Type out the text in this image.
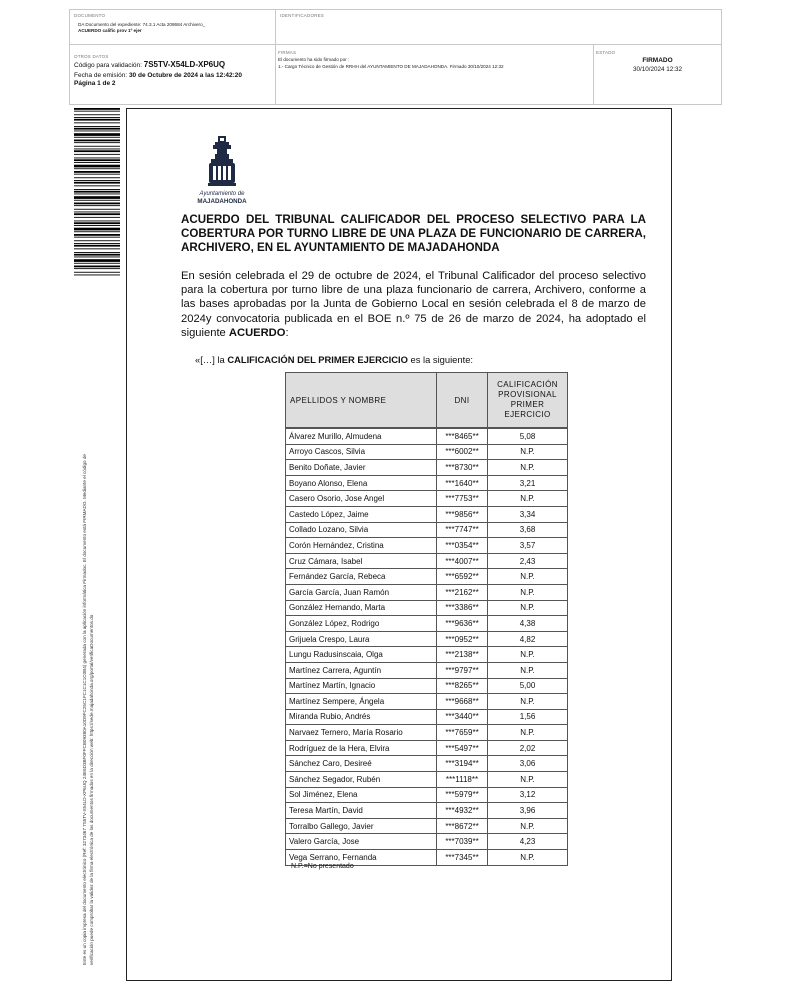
DOCUMENTO
DA Documento del expediente: 74.3.1 Acta 208684 Archivero_
ACUERDO calific prov 1º ejer
IDENTIFICADORES
OTROS DATOS
Código para validación: 7S5TV-X54LD-XP6UQ
Fecha de emisión: 30 de Octubre de 2024 a las 12:42:20
Página 1 de 2
FIRMAS
El documento ha sido firmado por :
1.- Cargo Técnico de Gestión de RRHH del AYUNTAMIENTO DE MAJADAHONDA. Firmado 30/10/2024 12:32
ESTADO
FIRMADO
30/10/2024 12:32
Este es un copia impresa del documento electrónico (Ref: 3273467 7S5TV-X54LD-XP6UQ 24E6D3BF0FFCB09380A10D9FC25C1FC1C1C1C0B4) generada con la aplicación informática Firmadoc. El documento está FIRMADO. Mediante el código de verificación puede comprobar la validez de la firma electrónica de los documentos firmados en la dirección web: https://sede.majadahonda.org/portal/verificaDocumentos.do
Ayuntamiento de
MAJADAHONDA
ACUERDO DEL TRIBUNAL CALIFICADOR DEL PROCESO SELECTIVO PARA LA COBERTURA POR TURNO LIBRE DE UNA PLAZA DE FUNCIONARIO DE CARRERA, ARCHIVERO, EN EL AYUNTAMIENTO DE MAJADAHONDA
En sesión celebrada el 29 de octubre de 2024, el Tribunal Calificador del proceso selectivo para la cobertura por turno libre de una plaza funcionario de carrera, Archivero, conforme a las bases aprobadas por la Junta de Gobierno Local en sesión celebrada el 8 de marzo de 2024y convocatoria publicada en el BOE n.º 75 de 26 de marzo de 2024, ha adoptado el siguiente ACUERDO:
«[…] la CALIFICACIÓN DEL PRIMER EJERCICIO es la siguiente:
APELLIDOS Y NOMBRE	DNI	CALIFICACIÓN PROVISIONAL PRIMER EJERCICIO

Álvarez Murillo, Almudena	***8465**	5,08
Arroyo Cascos, Silvia	***6002**	N.P.
Benito Doñate, Javier	***8730**	N.P.
Boyano Alonso, Elena	***1640**	3,21
Casero Osorio, Jose Angel	***7753**	N.P.
Castedo López, Jaime	***9856**	3,34
Collado Lozano, Silvia	***7747**	3,68
Corón Hernández, Cristina	***0354**	3,57
Cruz Cámara, Isabel	***4007**	2,43
Fernández García, Rebeca	***6592**	N.P.
García García, Juan Ramón	***2162**	N.P.
González Hernando, Marta	***3386**	N.P.
González López, Rodrigo	***9636**	4,38
Grijuela Crespo, Laura	***0952**	4,82
Lungu Radusinscaia, Olga	***2138**	N.P.
Martínez Carrera, Aguntín	***9797**	N.P.
Martínez Martín, Ignacio	***8265**	5,00
Martínez Sempere, Ángela	***9668**	N.P.
Miranda Rubio, Andrés	***3440**	1,56
Narvaez Ternero, María Rosario	***7659**	N.P.
Rodríguez de la Hera, Elvira	***5497**	2,02
Sánchez Caro, Desireé	***3194**	3,06
Sánchez Segador, Rubén	***1118**	N.P.
Sol Jiménez, Elena	***5979**	3,12
Teresa Martín, David	***4932**	3,96
Torralbo Gallego, Javier	***8672**	N.P.
Valero García, Jose	***7039**	4,23
Vega Serrano, Fernanda	***7345**	N.P.
N.P.=No presentado
